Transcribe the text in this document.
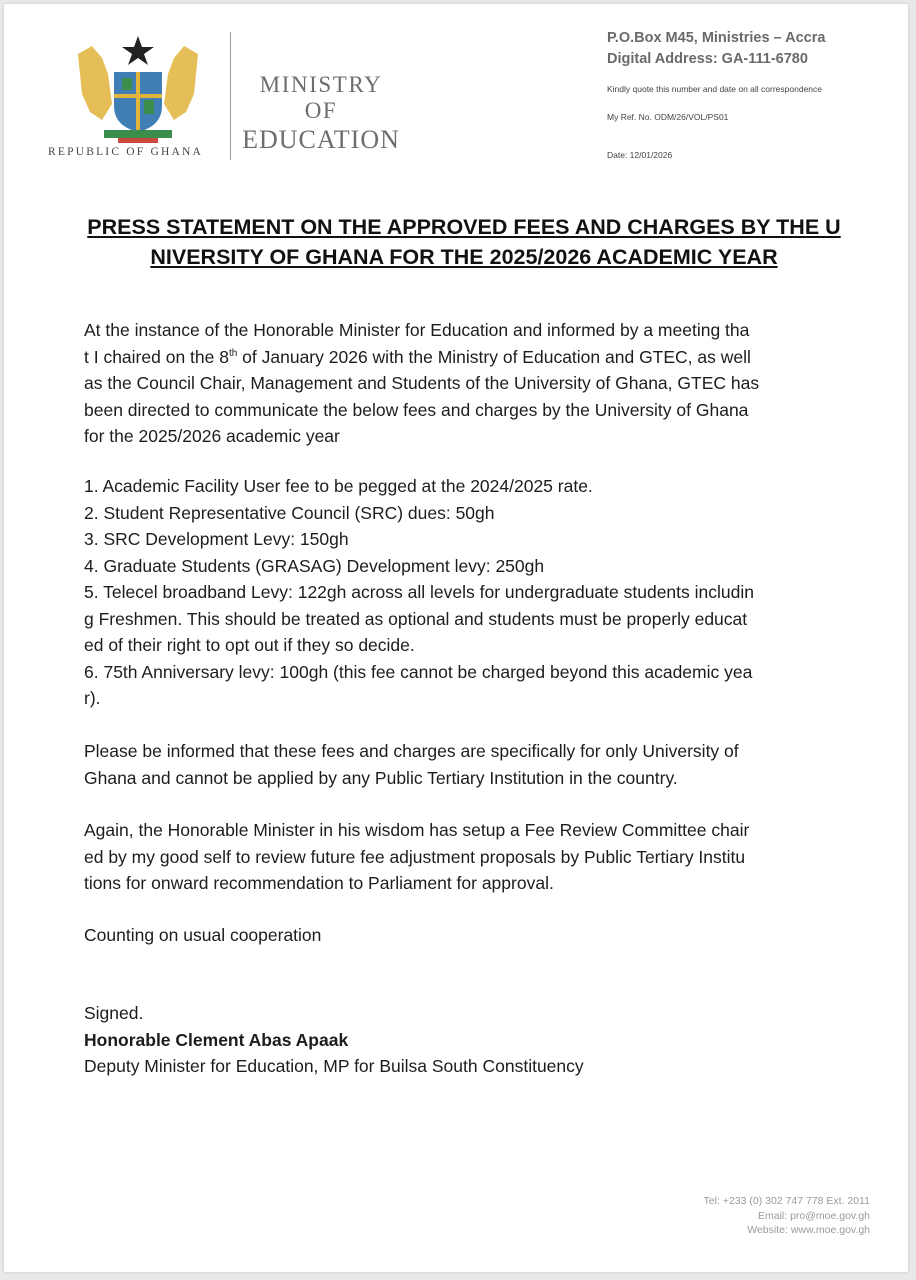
REPUBLIC OF GHANA
MINISTRY
OF
EDUCATION
P.O.Box M45, Ministries – Accra
Digital Address: GA-111-6780
Kindly quote this number and date on all correspondence
My Ref. No. ODM/26/VOL/PS01
Date: 12/01/2026
PRESS STATEMENT ON THE APPROVED FEES AND CHARGES BY THE U
NIVERSITY OF GHANA FOR THE 2025/2026 ACADEMIC YEAR

At the instance of the Honorable Minister for Education and informed by a meeting tha

t I chaired on the 8th of January 2026 with the Ministry of Education and GTEC, as well

as the Council Chair, Management and Students of the University of Ghana, GTEC has

been directed to communicate the below fees and charges by the University of Ghana

for the 2025/2026 academic year

1. Academic Facility User fee to be pegged at the 2024/2025 rate.

2. Student Representative Council (SRC) dues: 50gh

3. SRC Development Levy: 150gh

4. Graduate Students (GRASAG) Development levy: 250gh

5. Telecel broadband Levy: 122gh across all levels for undergraduate students includin

g Freshmen. This should be treated as optional and students must be properly educat

ed of their right to opt out if they so decide.

6. 75th Anniversary levy: 100gh (this fee cannot be charged beyond this academic yea

r).

Please be informed that these fees and charges are specifically for only University of

Ghana and cannot be applied by any Public Tertiary Institution in the country.

Again, the Honorable Minister in his wisdom has setup a Fee Review Committee chair

ed by my good self to review future fee adjustment proposals by Public Tertiary Institu

tions for onward recommendation to Parliament for approval.

Counting on usual cooperation

Signed.

Honorable Clement Abas Apaak

Deputy Minister for Education, MP for Builsa South Constituency

Tel: +233 (0) 302 747 778 Ext. 2011
Email: pro@moe.gov.gh
Website: www.moe.gov.gh
